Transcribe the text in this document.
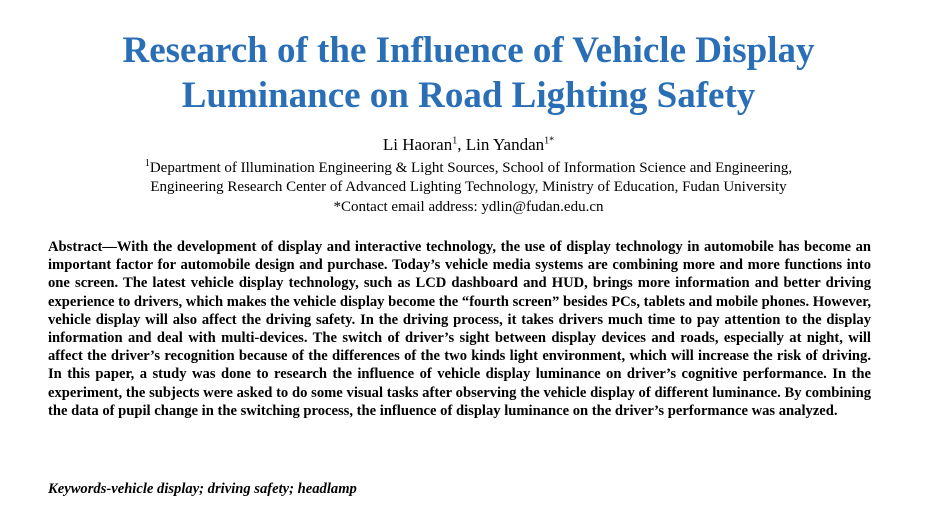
Research of the Influence of Vehicle Display
Luminance on Road Lighting Safety
Li Haoran$^1$, Lin Yandan$^{1*}$
$^1$Department of Illumination Engineering & Light Sources, School of Information Science and Engineering,
Engineering Research Center of Advanced Lighting Technology, Ministry of Education, Fudan University
*Contact email address: ydlin@fudan.edu.cn
Abstract—With the development of display and interactive technology, the use of display technology in automobile has become an important factor for automobile design and purchase. Today’s vehicle media systems are combining more and more functions into one screen. The latest vehicle display technology, such as LCD dashboard and HUD, brings more information and better driving experience to drivers, which makes the vehicle display become the “fourth screen” besides PCs, tablets and mobile phones. However, vehicle display will also affect the driving safety. In the driving process, it takes drivers much time to pay attention to the display information and deal with multi-devices. The switch of driver’s sight between display devices and roads, especially at night, will affect the driver’s recognition because of the differences of the two kinds light environment, which will increase the risk of driving. In this paper, a study was done to research the influence of vehicle display luminance on driver’s cognitive performance. In the experiment, the subjects were asked to do some visual tasks after observing the vehicle display of different luminance. By combining the data of pupil change in the switching process, the influence of display luminance on the driver’s performance was analyzed.
Keywords-vehicle display; driving safety; headlamp
